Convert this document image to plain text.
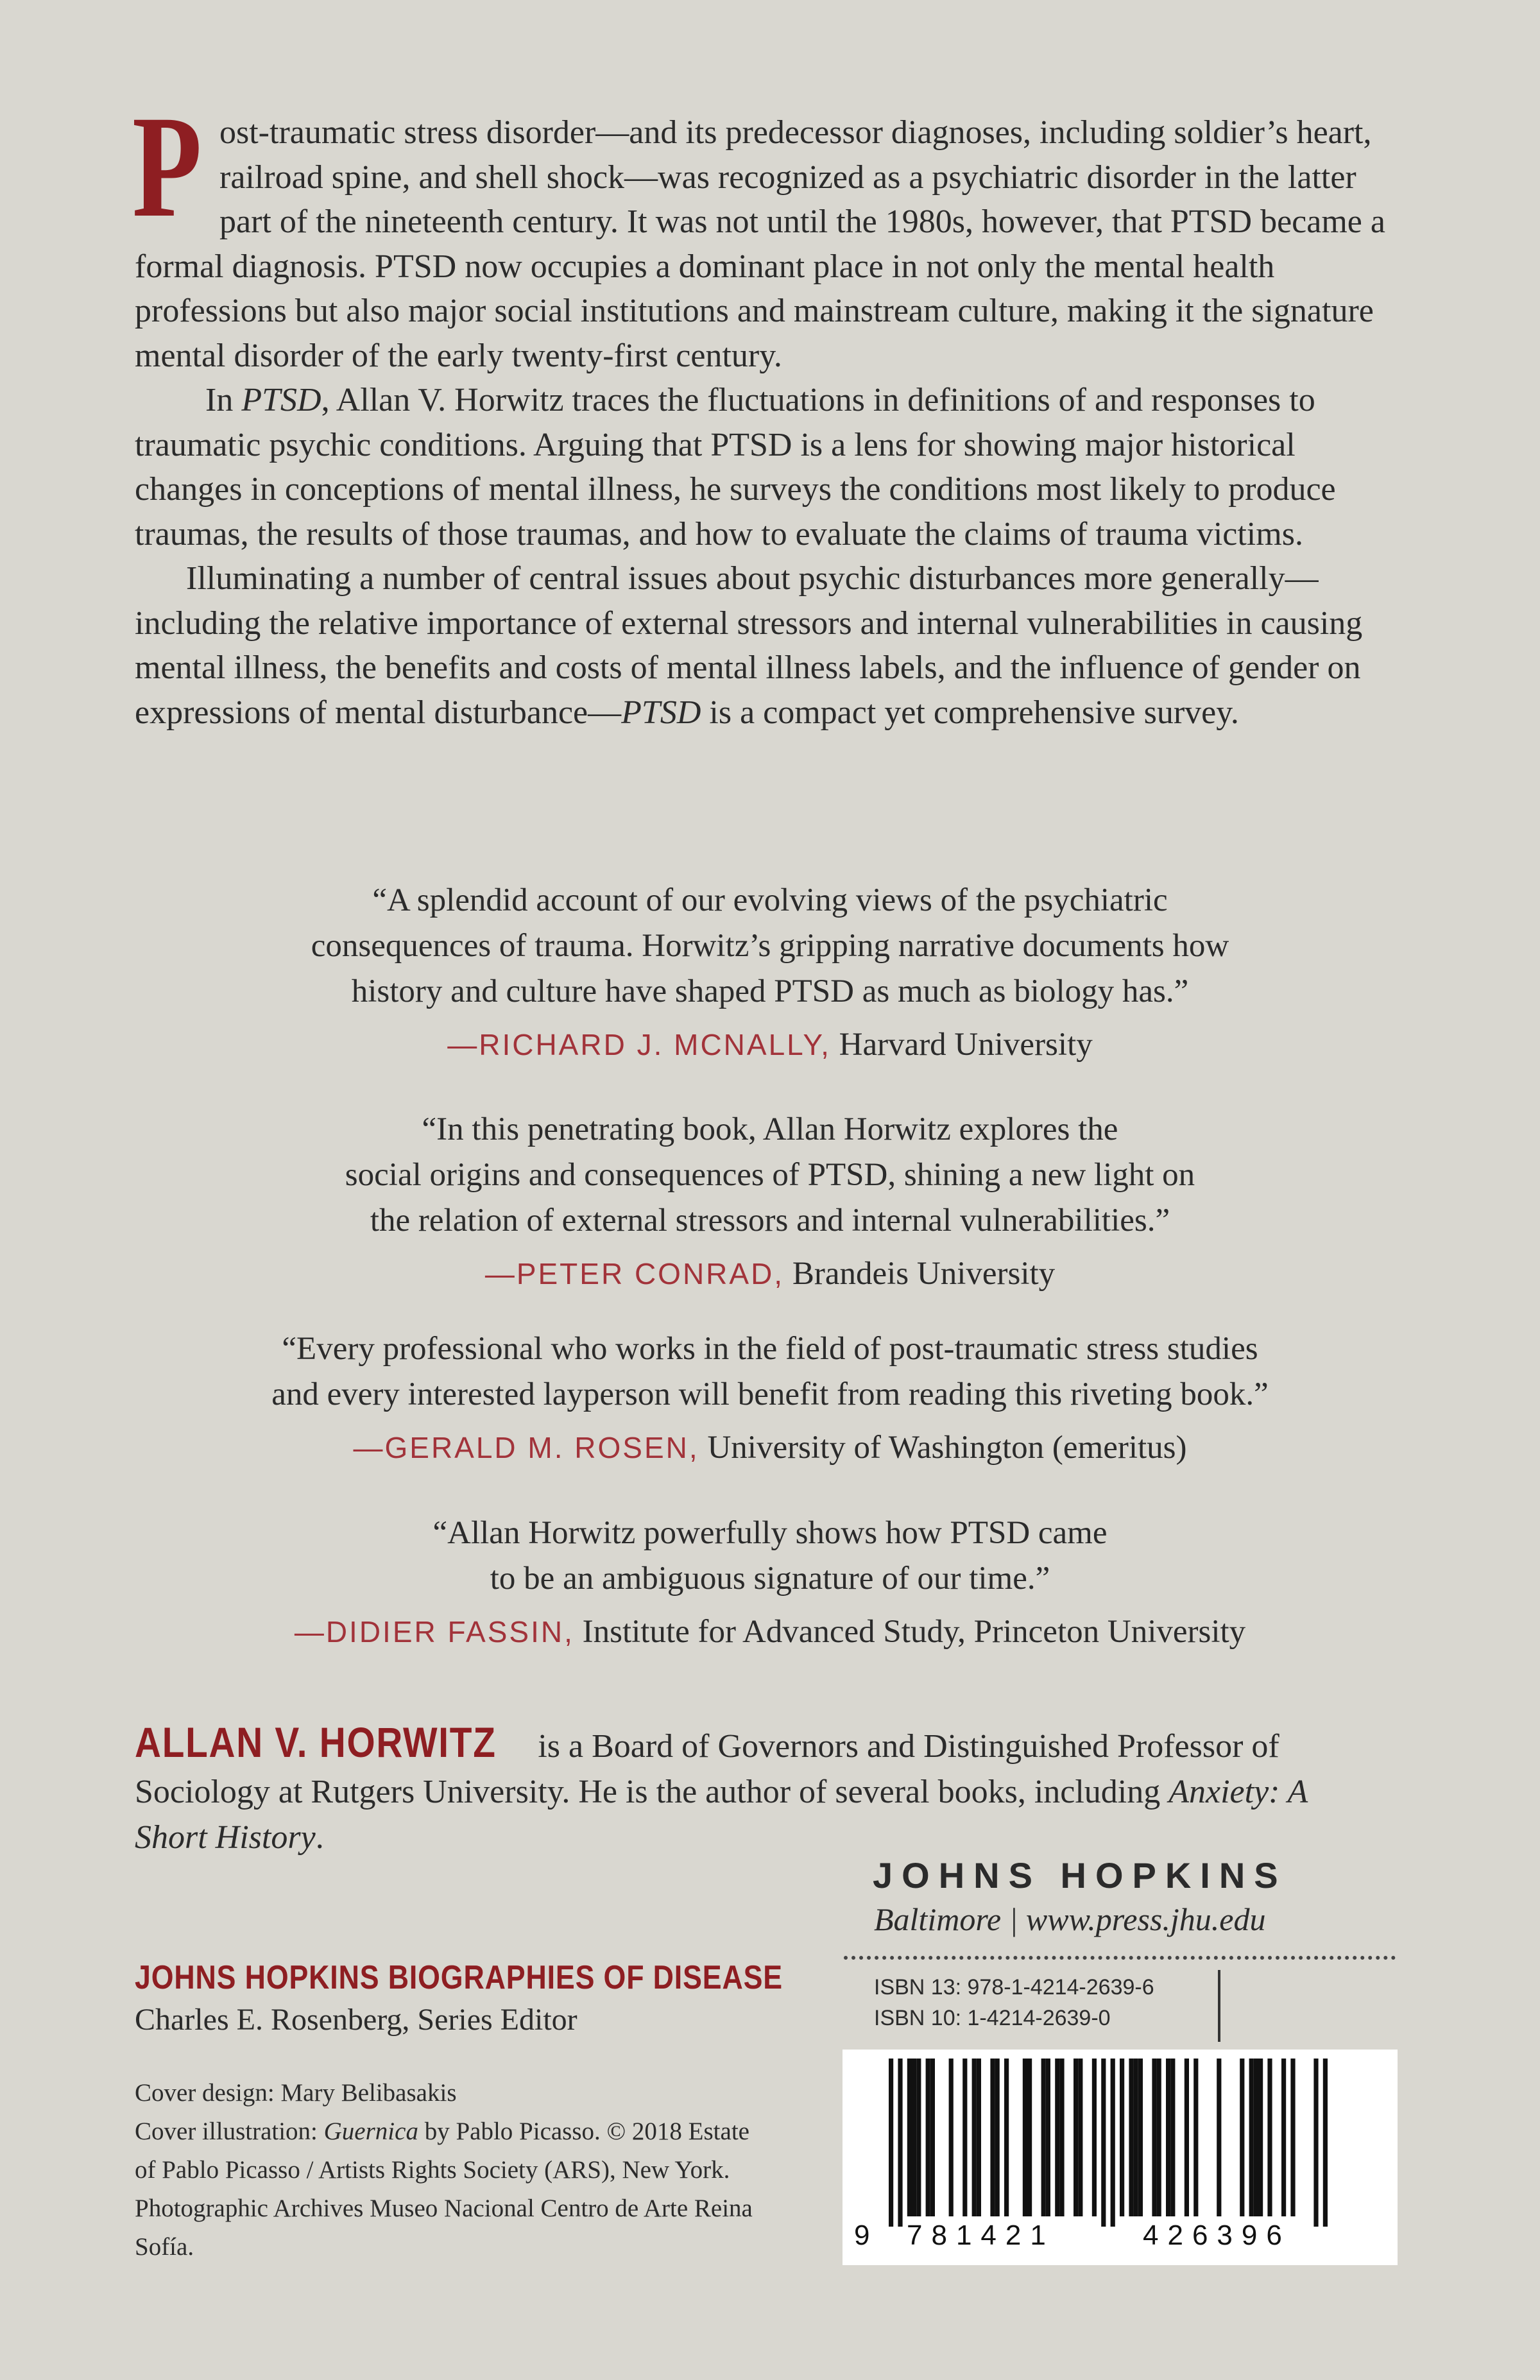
Post-traumatic stress disorder—and its predecessor diagnoses, including soldier’s heart, railroad spine, and shell shock—was recognized as a psychiatric disorder in the latter part of the nineteenth century. It was not until the 1980s, however, that PTSD became a formal diagnosis. PTSD now occupies a dominant place in not only the mental health professions but also major social institutions and mainstream culture, making it the signature mental disorder of the early twenty-first century.

In PTSD, Allan V. Horwitz traces the fluctuations in definitions of and responses to traumatic psychic conditions. Arguing that PTSD is a lens for showing major historical changes in conceptions of mental illness, he surveys the conditions most likely to produce traumas, the results of those traumas, and how to evaluate the claims of trauma victims.

Illuminating a number of central issues about psychic disturbances more generally—including the relative importance of external stressors and internal vulnerabilities in causing mental illness, the benefits and costs of mental illness labels, and the influence of gender on expressions of mental disturbance—PTSD is a compact yet comprehensive survey.

“A splendid account of our evolving views of the psychiatric
consequences of trauma. Horwitz’s gripping narrative documents how
history and culture have shaped PTSD as much as biology has.”
—RICHARD J. MCNALLY, Harvard University
“In this penetrating book, Allan Horwitz explores the
social origins and consequences of PTSD, shining a new light on
the relation of external stressors and internal vulnerabilities.”
—PETER CONRAD, Brandeis University
“Every professional who works in the field of post-traumatic stress studies
and every interested layperson will benefit from reading this riveting book.”
—GERALD M. ROSEN, University of Washington (emeritus)
“Allan Horwitz powerfully shows how PTSD came
to be an ambiguous signature of our time.”
—DIDIER FASSIN, Institute for Advanced Study, Princeton University
ALLAN V. HORWITZ is a Board of Governors and Distinguished Professor of Sociology at Rutgers University. He is the author of several books, including Anxiety: A Short History.
JOHNS HOPKINS BIOGRAPHIES OF DISEASE
Charles E. Rosenberg, Series Editor

Cover design: Mary Belibasakis

Cover illustration: Guernica by Pablo Picasso. © 2018 Estate of Pablo Picasso / Artists Rights Society (ARS), New York. Photographic Archives Museo Nacional Centro de Arte Reina Sofía.

JOHNS HOPKINS
Baltimore | www.press.jhu.edu
ISBN 13: 978-1-4214-2639-6
ISBN 10: 1-4214-2639-0
9 781421	426396
